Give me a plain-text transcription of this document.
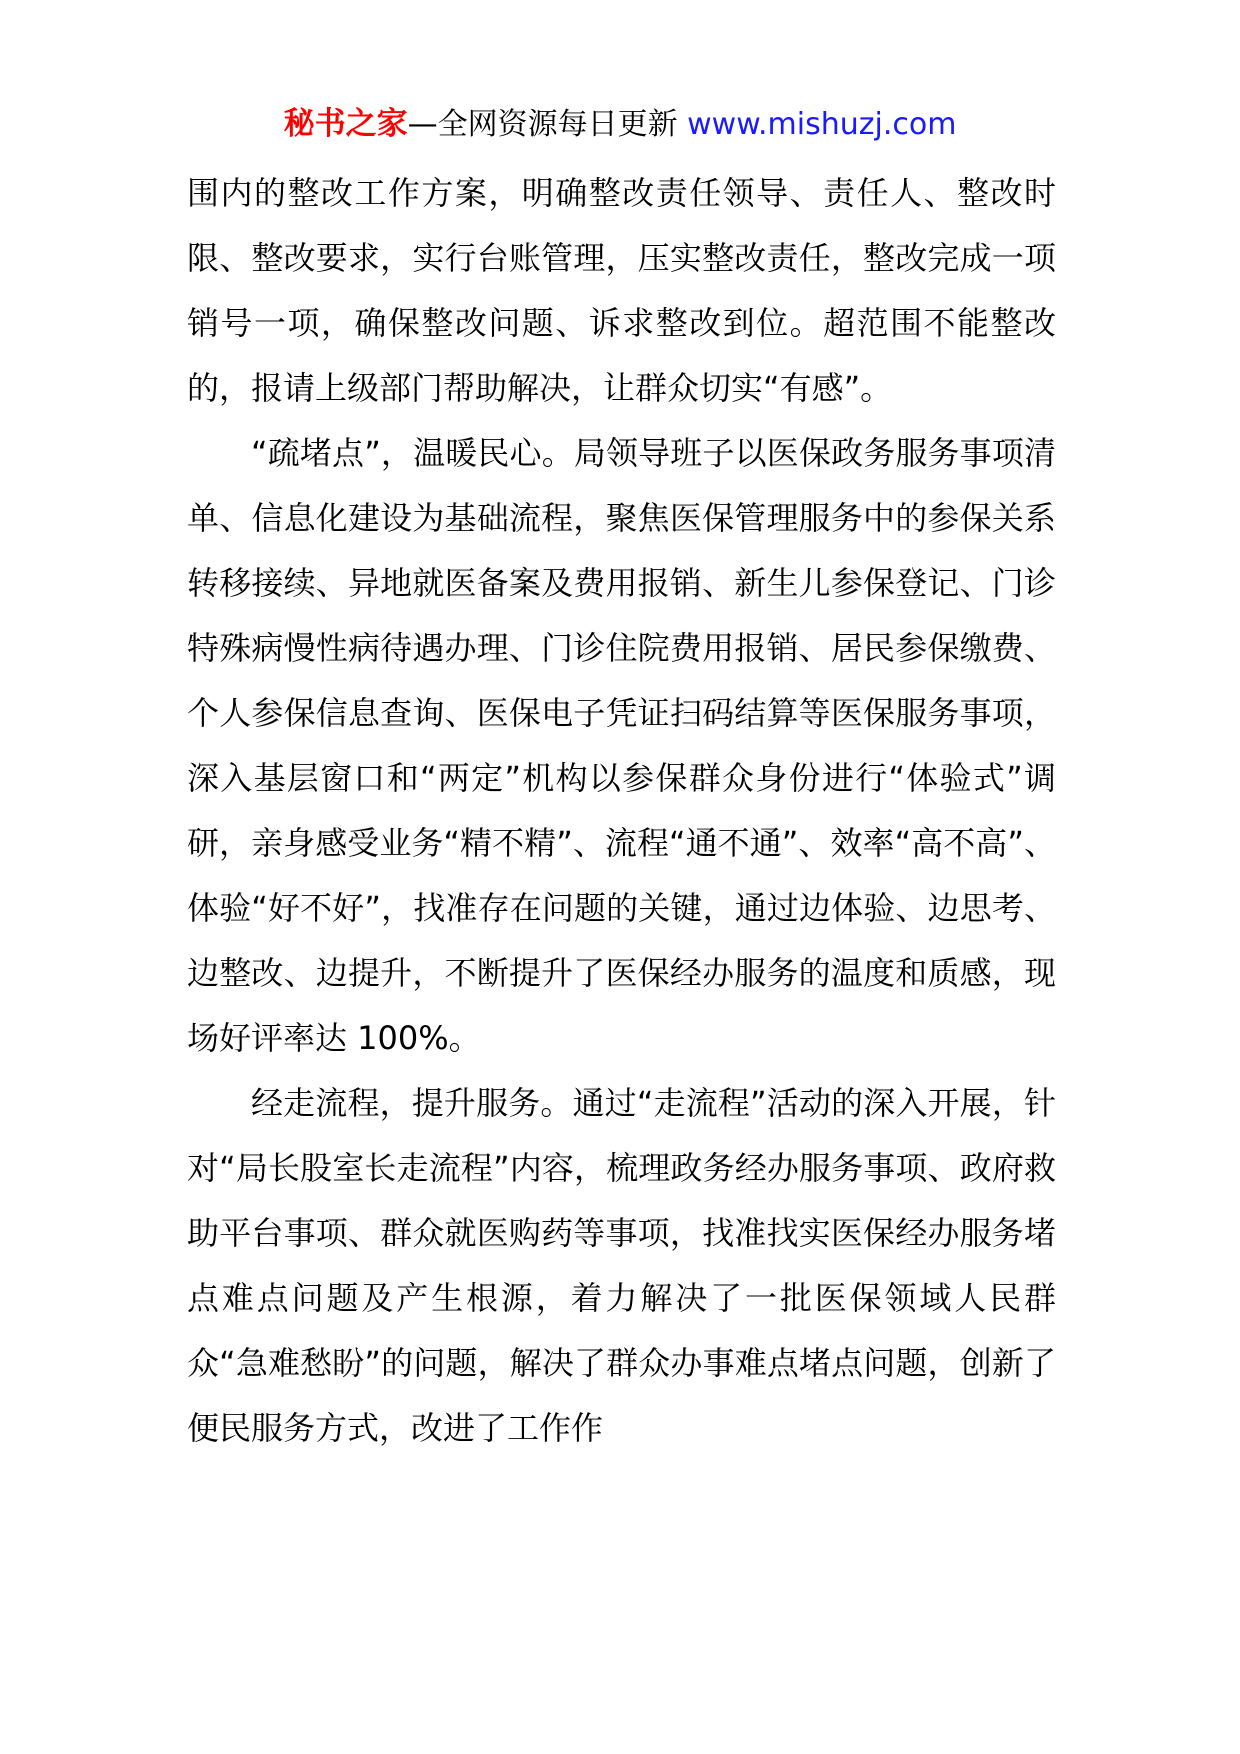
秘书之家—全网资源每日更新 www.mishuzj.com

围内的整改工作方案，明确整改责任领导、责任人、整改时限、整改要求，实行台账管理，压实整改责任，整改完成一项销号一项，确保整改问题、诉求整改到位。超范围不能整改的，报请上级部门帮助解决，让群众切实“有感”。

“疏堵点”，温暖民心。局领导班子以医保政务服务事项清单、信息化建设为基础流程，聚焦医保管理服务中的参保关系转移接续、异地就医备案及费用报销、新生儿参保登记、门诊特殊病慢性病待遇办理、门诊住院费用报销、居民参保缴费、个人参保信息查询、医保电子凭证扫码结算等医保服务事项，深入基层窗口和“两定”机构以参保群众身份进行“体验式”调研，亲身感受业务“精不精”、流程“通不通”、效率“高不高”、体验“好不好”，找准存在问题的关键，通过边体验、边思考、边整改、边提升，不断提升了医保经办服务的温度和质感，现场好评率达 100%。

经走流程，提升服务。通过“走流程”活动的深入开展，针对“局长股室长走流程”内容，梳理政务经办服务事项、政府救助平台事项、群众就医购药等事项，找准找实医保经办服务堵点难点问题及产生根源，着力解决了一批医保领域人民群众“急难愁盼”的问题，解决了群众办事难点堵点问题，创新了便民服务方式，改进了工作作
